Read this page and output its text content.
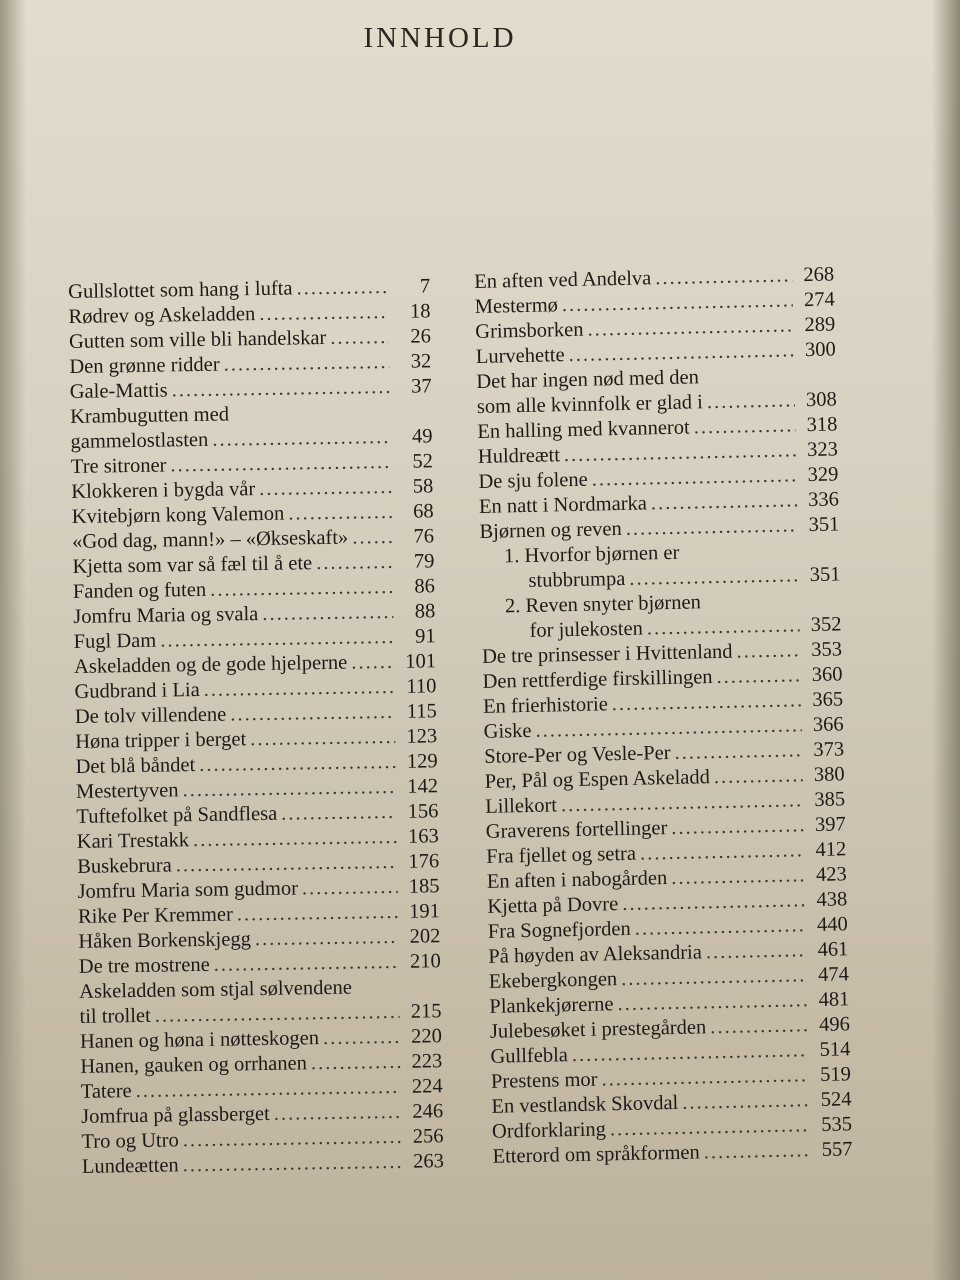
INNHOLD
Gullslottet som hang i lufta .....	7
Rødrev og Askeladden .....	18
Gutten som ville bli handelskar .....	26
Den grønne ridder .....	32
Gale-Mattis .....	37
Krambugutten med
gammelostlasten .....	49
Tre sitroner .....	52
Klokkeren i bygda vår .....	58
Kvitebjørn kong Valemon .....	68
«God dag, mann!» – «Økseskaft» .....	76
Kjetta som var så fæl til å ete .....	79
Fanden og futen .....	86
Jomfru Maria og svala .....	88
Fugl Dam .....	91
Askeladden og de gode hjelperne .....	101
Gudbrand i Lia .....	110
De tolv villendene .....	115
Høna tripper i berget .....	123
Det blå båndet .....	129
Mestertyven .....	142
Tuftefolket på Sandflesa .....	156
Kari Trestakk .....	163
Buskebrura .....	176
Jomfru Maria som gudmor .....	185
Rike Per Kremmer .....	191
Håken Borkenskjegg .....	202
De tre mostrene .....	210
Askeladden som stjal sølvendene
til trollet .....	215
Hanen og høna i nøtteskogen .....	220
Hanen, gauken og orrhanen .....	223
Tatere .....	224
Jomfrua på glassberget .....	246
Tro og Utro .....	256
Lundeætten .....	263
En aften ved Andelva .....	268
Mestermø .....	274
Grimsborken .....	289
Lurvehette .....	300
Det har ingen nød med den
som alle kvinnfolk er glad i .....	308
En halling med kvannerot .....	318
Huldreætt .....	323
De sju folene .....	329
En natt i Nordmarka .....	336
Bjørnen og reven .....	351
1. Hvorfor bjørnen er
stubbrumpa .....	351
2. Reven snyter bjørnen
for julekosten .....	352
De tre prinsesser i Hvittenland .....	353
Den rettferdige firskillingen .....	360
En frierhistorie .....	365
Giske .....	366
Store-Per og Vesle-Per .....	373
Per, Pål og Espen Askeladd .....	380
Lillekort .....	385
Graverens fortellinger .....	397
Fra fjellet og setra .....	412
En aften i nabogården .....	423
Kjetta på Dovre .....	438
Fra Sognefjorden .....	440
På høyden av Aleksandria .....	461
Ekebergkongen .....	474
Plankekjørerne .....	481
Julebesøket i prestegården .....	496
Gullfebla .....	514
Prestens mor .....	519
En vestlandsk Skovdal .....	524
Ordforklaring .....	535
Etterord om språkformen .....	557
